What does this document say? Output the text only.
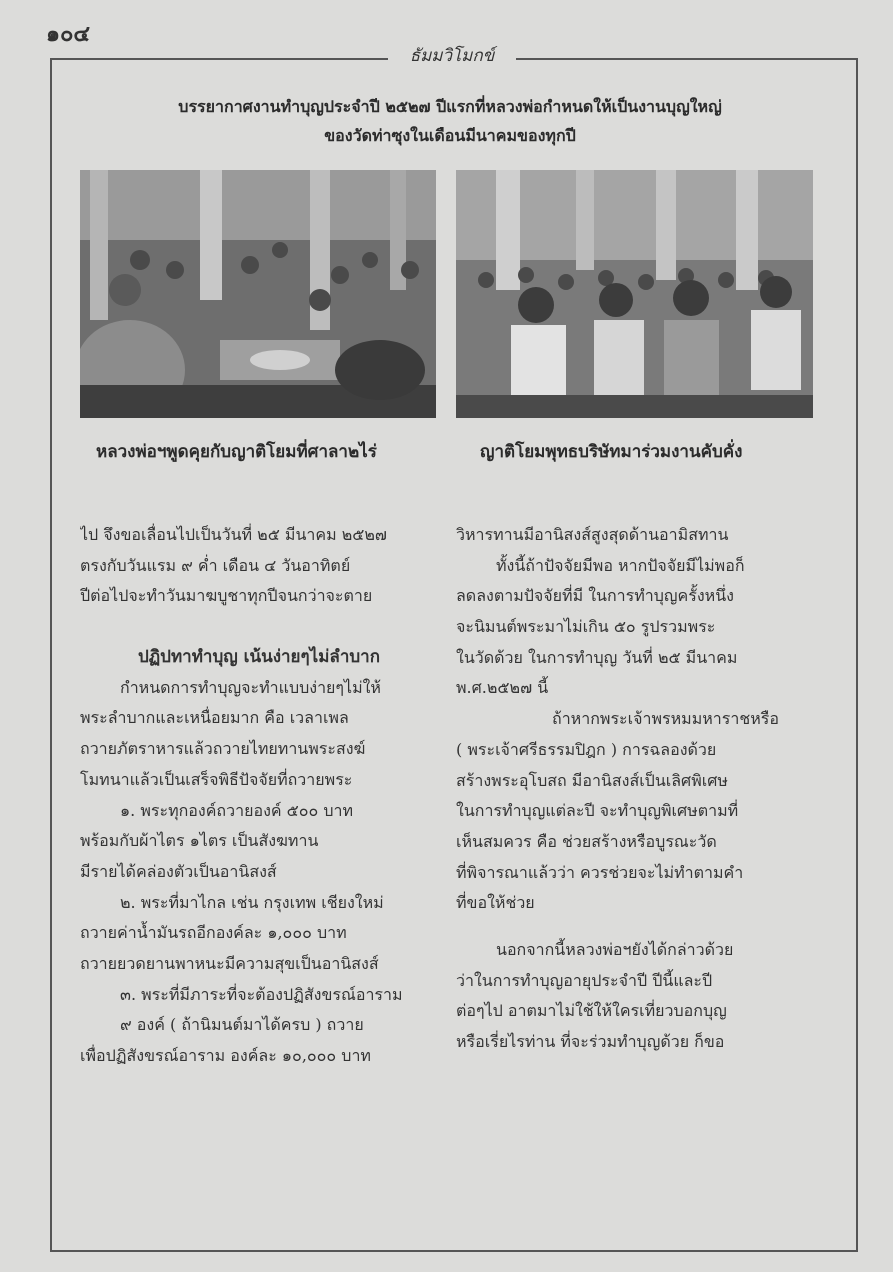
๑๐๔
ธัมมวิโมกข์
บรรยากาศงานทำบุญประจำปี ๒๕๒๗ ปีแรกที่หลวงพ่อกำหนดให้เป็นงานบุญใหญ่
ของวัดท่าซุงในเดือนมีนาคมของทุกปี
หลวงพ่อฯพูดคุยกับญาติโยมที่ศาลา๒ไร่	ญาติโยมพุทธบริษัทมาร่วมงานคับคั่ง
ไป จึงขอเลื่อนไปเป็นวันที่ ๒๕ มีนาคม ๒๕๒๗
ตรงกับวันแรม ๙ ค่ำ เดือน ๔ วันอาทิตย์
ปีต่อไปจะทำวันมาฆบูชาทุกปีจนกว่าจะตาย
ปฏิปทาทำบุญ เน้นง่ายๆไม่ลำบาก
กำหนดการทำบุญจะทำแบบง่ายๆไม่ให้
พระลำบากและเหนื่อยมาก คือ เวลาเพล
ถวายภัตราหารแล้วถวายไทยทานพระสงฆ์
โมทนาแล้วเป็นเสร็จพิธีปัจจัยที่ถวายพระ
๑. พระทุกองค์ถวายองค์ ๕๐๐ บาท
พร้อมกับผ้าไตร ๑ไตร เป็นสังฆทาน
มีรายได้คล่องตัวเป็นอานิสงส์
๒. พระที่มาไกล เช่น กรุงเทพ เชียงใหม่
ถวายค่าน้ำมันรถอีกองค์ละ ๑,๐๐๐ บาท
ถวายยวดยานพาหนะมีความสุขเป็นอานิสงส์
๓. พระที่มีภาระที่จะต้องปฏิสังขรณ์อาราม
๙ องค์ ( ถ้านิมนต์มาได้ครบ ) ถวาย
เพื่อปฏิสังขรณ์อาราม องค์ละ ๑๐,๐๐๐ บาท
วิหารทานมีอานิสงส์สูงสุดด้านอามิสทาน
ทั้งนี้ถ้าปัจจัยมีพอ หากปัจจัยมีไม่พอก็
ลดลงตามปัจจัยที่มี ในการทำบุญครั้งหนึ่ง
จะนิมนต์พระมาไม่เกิน ๕๐ รูปรวมพระ
ในวัดด้วย ในการทำบุญ วันที่ ๒๕ มีนาคม
พ.ศ.๒๕๒๗ นี้
ถ้าหากพระเจ้าพรหมมหาราชหรือ
( พระเจ้าศรีธรรมปิฎก ) การฉลองด้วย
สร้างพระอุโบสถ มีอานิสงส์เป็นเลิศพิเศษ
ในการทำบุญแต่ละปี จะทำบุญพิเศษตามที่
เห็นสมควร คือ ช่วยสร้างหรือบูรณะวัด
ที่พิจารณาแล้วว่า ควรช่วยจะไม่ทำตามคำ
ที่ขอให้ช่วย
นอกจากนี้หลวงพ่อฯยังได้กล่าวด้วย
ว่าในการทำบุญอายุประจำปี ปีนี้และปี
ต่อๆไป อาตมาไม่ใช้ให้ใครเที่ยวบอกบุญ
หรือเรี่ยไรท่าน ที่จะร่วมทำบุญด้วย ก็ขอ
